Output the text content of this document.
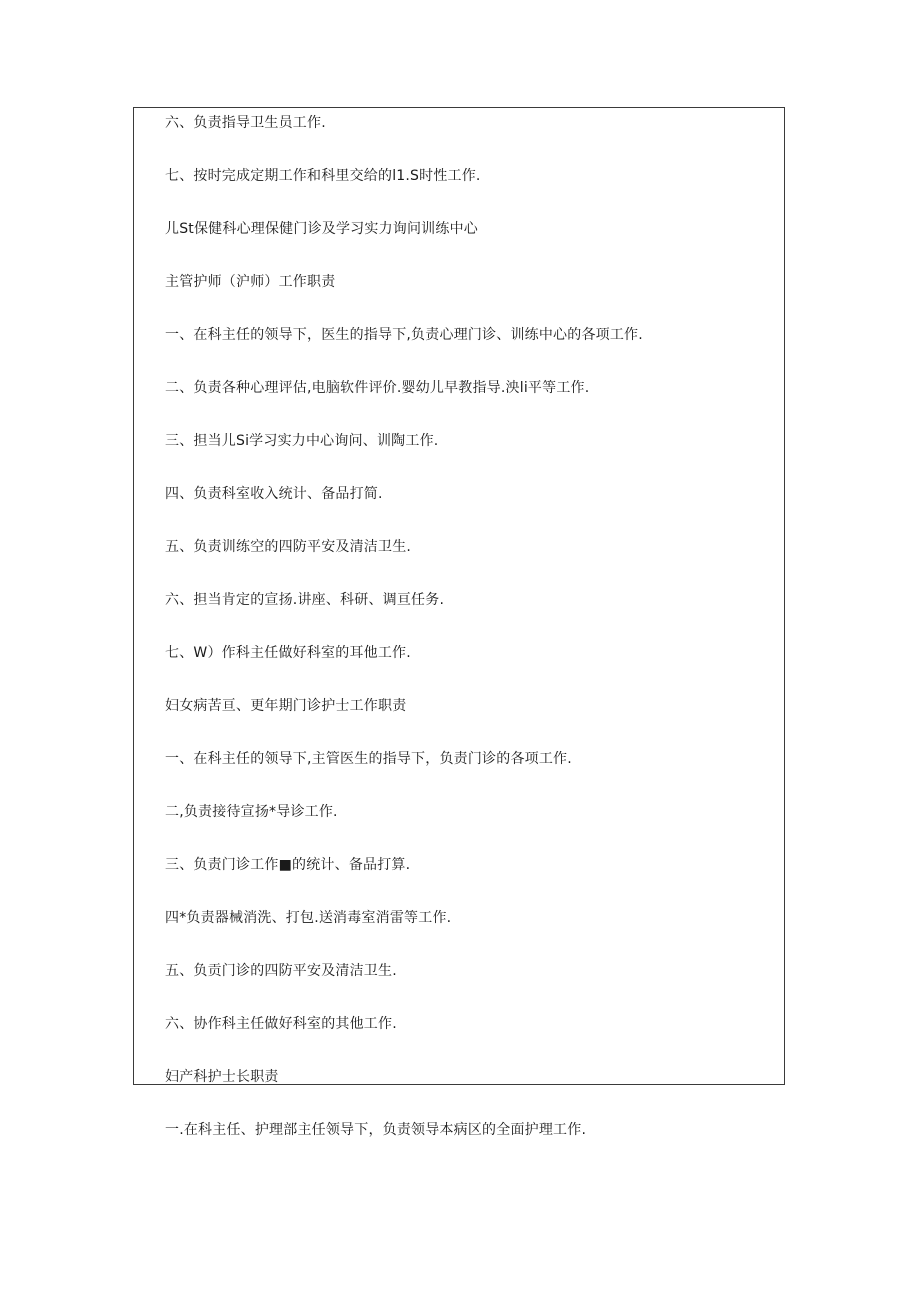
六、负责指导卫生员工作.
七、按时完成定期工作和科里交给的l1.S时性工作.
儿St保健科心理保健门诊及学习实力询问训练中心
主管护师（沪师）工作职责
一、在科主任的领导下，医生的指导下,负责心理门诊、训练中心的各项工作.
二、负责各种心理评估,电脑软件评价.婴幼儿早教指导.泱li平等工作.
三、担当儿Si学习实力中心询问、训陶工作.
四、负责科室收入统计、备品打简.
五、负责训练空的四防平安及清洁卫生.
六、担当肯定的宣扬.讲座、科研、调亘任务.
七、W）作科主任做好科室的耳他工作.
妇女病苦亘、更年期门诊护士工作职责
一、在科主任的领导下,主管医生的指导下，负责门诊的各项工作.
二,负责接待宣扬*导诊工作.
三、负责门诊工作■的统计、备品打算.
四*负责器械消洗、打包.送消毒室消雷等工作.
五、负贡门诊的四防平安及清洁卫生.
六、协作科主任做好科室的其他工作.
妇产科护士长职责
一.在科主任、护理部主任领导下，负责领导本病区的全面护理工作.
